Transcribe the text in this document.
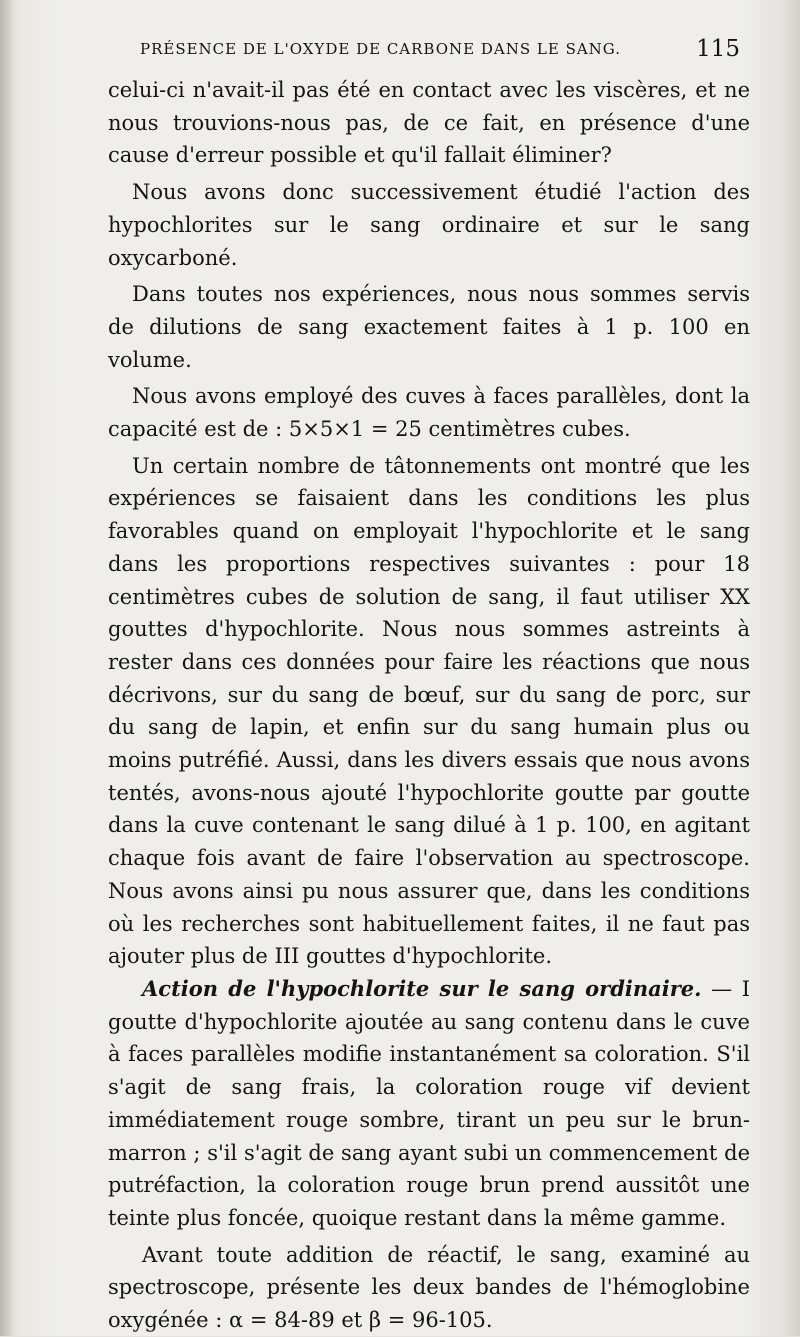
PRÉSENCE DE L'OXYDE DE CARBONE DANS LE SANG.	115

celui-ci n'avait-il pas été en contact avec les viscères, et ne nous trouvions-nous pas, de ce fait, en présence d'une cause d'erreur possible et qu'il fallait éliminer?

Nous avons donc successivement étudié l'action des hypochlorites sur le sang ordinaire et sur le sang oxycarboné.

Dans toutes nos expériences, nous nous sommes servis de dilutions de sang exactement faites à 1 p. 100 en volume.

Nous avons employé des cuves à faces parallèles, dont la capacité est de : 5×5×1 = 25 centimètres cubes.

Un certain nombre de tâtonnements ont montré que les expériences se faisaient dans les conditions les plus favorables quand on employait l'hypochlorite et le sang dans les proportions respectives suivantes : pour 18 centimètres cubes de solution de sang, il faut utiliser XX gouttes d'hypochlorite. Nous nous sommes astreints à rester dans ces données pour faire les réactions que nous décrivons, sur du sang de bœuf, sur du sang de porc, sur du sang de lapin, et enfin sur du sang humain plus ou moins putréfié. Aussi, dans les divers essais que nous avons tentés, avons-nous ajouté l'hypochlorite goutte par goutte dans la cuve contenant le sang dilué à 1 p. 100, en agitant chaque fois avant de faire l'observation au spectroscope. Nous avons ainsi pu nous assurer que, dans les conditions où les recherches sont habituellement faites, il ne faut pas ajouter plus de III gouttes d'hypochlorite.

Action de l'hypochlorite sur le sang ordinaire. — I goutte d'hypochlorite ajoutée au sang contenu dans le cuve à faces parallèles modifie instantanément sa coloration. S'il s'agit de sang frais, la coloration rouge vif devient immédiatement rouge sombre, tirant un peu sur le brun-marron ; s'il s'agit de sang ayant subi un commencement de putréfaction, la coloration rouge brun prend aussitôt une teinte plus foncée, quoique restant dans la même gamme.

Avant toute addition de réactif, le sang, examiné au spectroscope, présente les deux bandes de l'hémoglobine oxygénée : α = 84-89 et β = 96-105.
